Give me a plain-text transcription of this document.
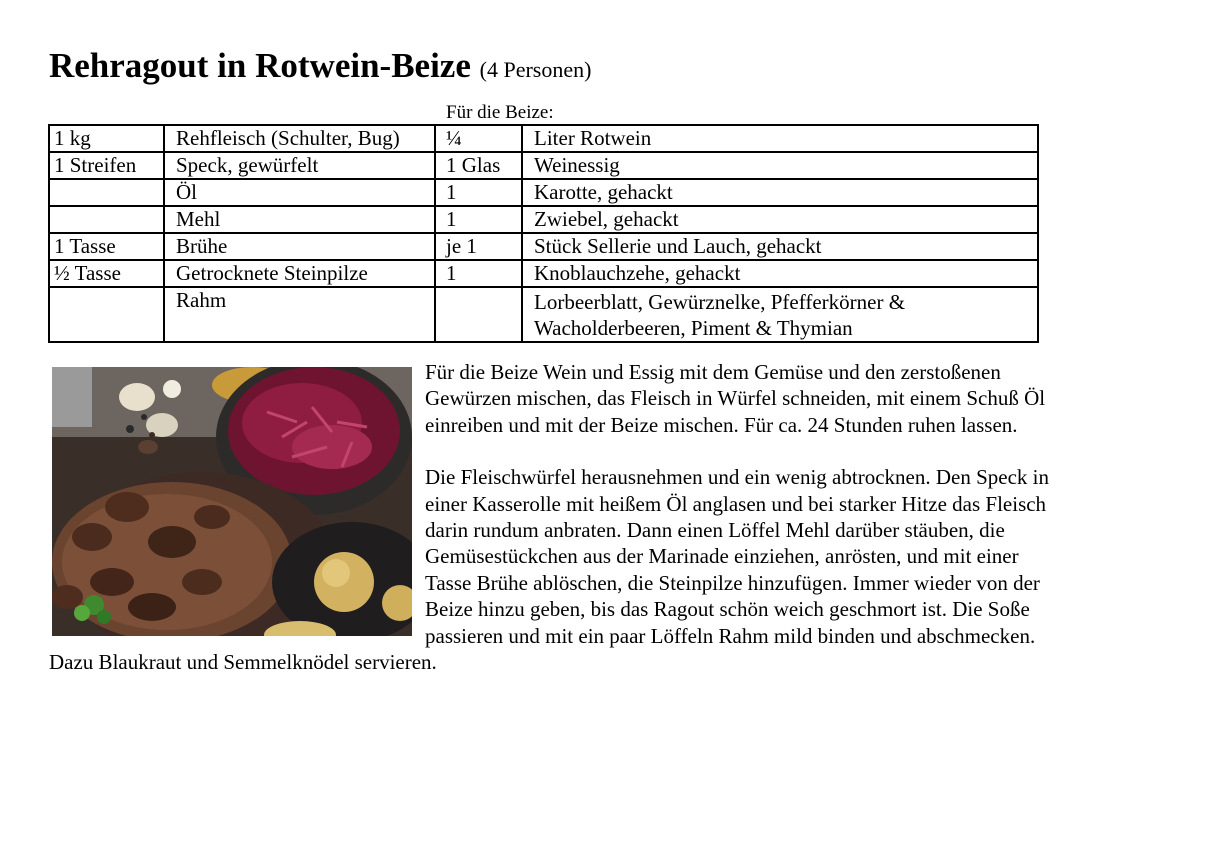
Rehragout in Rotwein-Beize (4 Personen)
Für die Beize:
1 kg	Rehfleisch (Schulter, Bug)	¼	Liter Rotwein
1 Streifen	Speck, gewürfelt	1 Glas	Weinessig
	Öl	1	Karotte, gehackt
	Mehl	1	Zwiebel, gehackt
1 Tasse	Brühe	je 1	Stück Sellerie und Lauch, gehackt
½ Tasse	Getrocknete Steinpilze	1	Knoblauchzehe, gehackt
	Rahm		Lorbeerblatt, Gewürznelke, Pfefferkörner & Wacholderbeeren, Piment & Thymian

Für die Beize Wein und Essig mit dem Gemüse und den zerstoßenen Gewürzen mischen, das Fleisch in Würfel schneiden, mit einem Schuß Öl einreiben und mit der Beize mischen. Für ca. 24 Stunden ruhen lassen.

Die Fleischwürfel herausnehmen und ein wenig abtrocknen. Den Speck in einer Kasserolle mit heißem Öl anglasen und bei starker Hitze das Fleisch darin rundum anbraten. Dann einen Löffel Mehl darüber stäuben, die Gemüsestückchen aus der Marinade einziehen, anrösten, und mit einer Tasse Brühe ablöschen, die Steinpilze hinzufügen. Immer wieder von der Beize hinzu geben, bis das Ragout schön weich geschmort ist. Die Soße passieren und mit ein paar Löffeln Rahm mild binden und abschmecken. Dazu Blaukraut und Semmelknödel servieren.
